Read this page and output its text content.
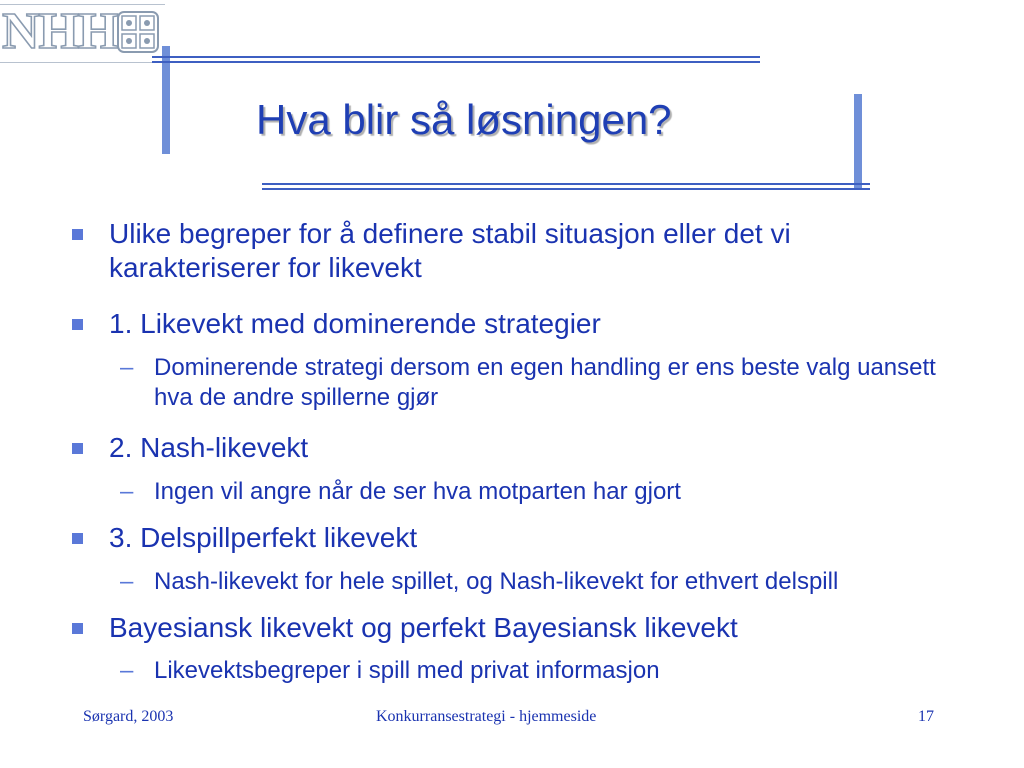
NHH
Hva blir så løsningen?
Ulike begreper for å definere stabil situasjon eller det vi karakteriserer for likevekt
1. Likevekt med dominerende strategier
– Dominerende strategi dersom en egen handling er ens beste valg uansett hva de andre spillerne gjør
2. Nash-likevekt
– Ingen vil angre når de ser hva motparten har gjort
3. Delspillperfekt likevekt
– Nash-likevekt for hele spillet, og Nash-likevekt for ethvert delspill
Bayesiansk likevekt og perfekt Bayesiansk likevekt
– Likevektsbegreper i spill med privat informasjon
Sørgard, 2003	Konkurransestrategi - hjemmeside	17
